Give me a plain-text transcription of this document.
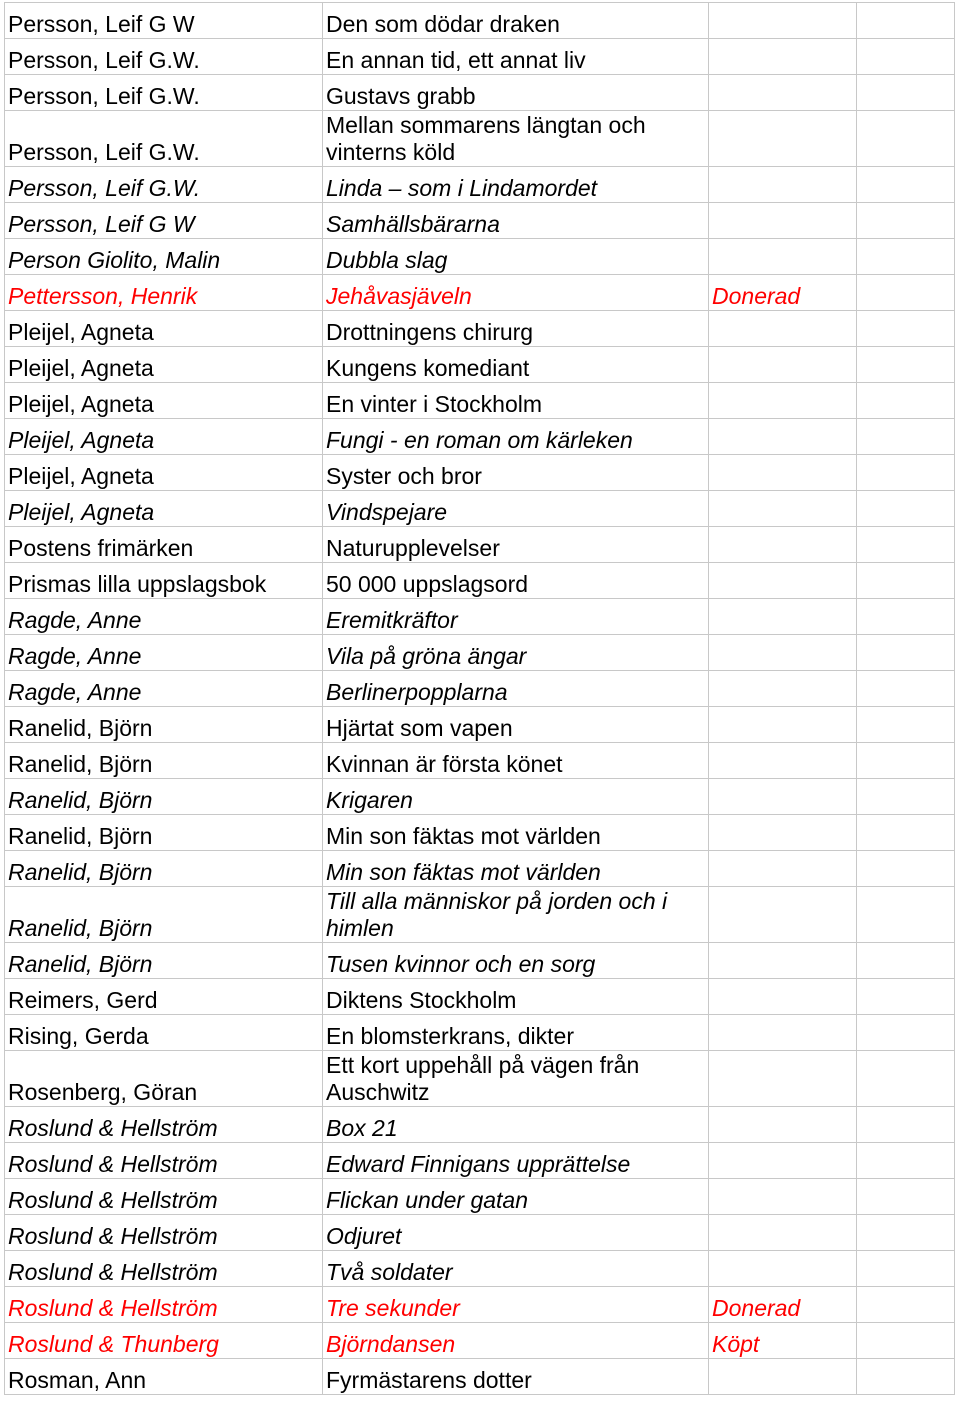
Persson, Leif G W	Den som dödar draken		
Persson, Leif G.W.	En annan tid, ett annat liv		
Persson, Leif G.W.	Gustavs grabb		
Persson, Leif G.W.	Mellan sommarens längtan och vinterns köld		
Persson, Leif G.W.	Linda – som i Lindamordet		
Persson, Leif G W	Samhällsbärarna		
Person Giolito, Malin	Dubbla slag		
Pettersson, Henrik	Jehåvasjäveln	Donerad	
Pleijel, Agneta	Drottningens chirurg		
Pleijel, Agneta	Kungens komediant		
Pleijel, Agneta	En vinter i Stockholm		
Pleijel, Agneta	Fungi - en roman om kärleken		
Pleijel, Agneta	Syster och bror		
Pleijel, Agneta	Vindspejare		
Postens frimärken	Naturupplevelser		
Prismas lilla uppslagsbok	50 000 uppslagsord		
Ragde, Anne	Eremitkräftor		
Ragde, Anne	Vila på gröna ängar		
Ragde, Anne	Berlinerpopplarna		
Ranelid, Björn	Hjärtat som vapen		
Ranelid, Björn	Kvinnan är första könet		
Ranelid, Björn	Krigaren		
Ranelid, Björn	Min son fäktas mot världen		
Ranelid, Björn	Min son fäktas mot världen		
Ranelid, Björn	Till alla människor på jorden och i himlen		
Ranelid, Björn	Tusen kvinnor och en sorg		
Reimers, Gerd	Diktens Stockholm		
Rising, Gerda	En blomsterkrans, dikter		
Rosenberg, Göran	Ett kort uppehåll på vägen från Auschwitz		
Roslund & Hellström	Box 21		
Roslund & Hellström	Edward Finnigans upprättelse		
Roslund & Hellström	Flickan under gatan		
Roslund & Hellström	Odjuret		
Roslund & Hellström	Två soldater		
Roslund & Hellström	Tre sekunder	Donerad	
Roslund & Thunberg	Björndansen	Köpt	
Rosman, Ann	Fyrmästarens dotter		
